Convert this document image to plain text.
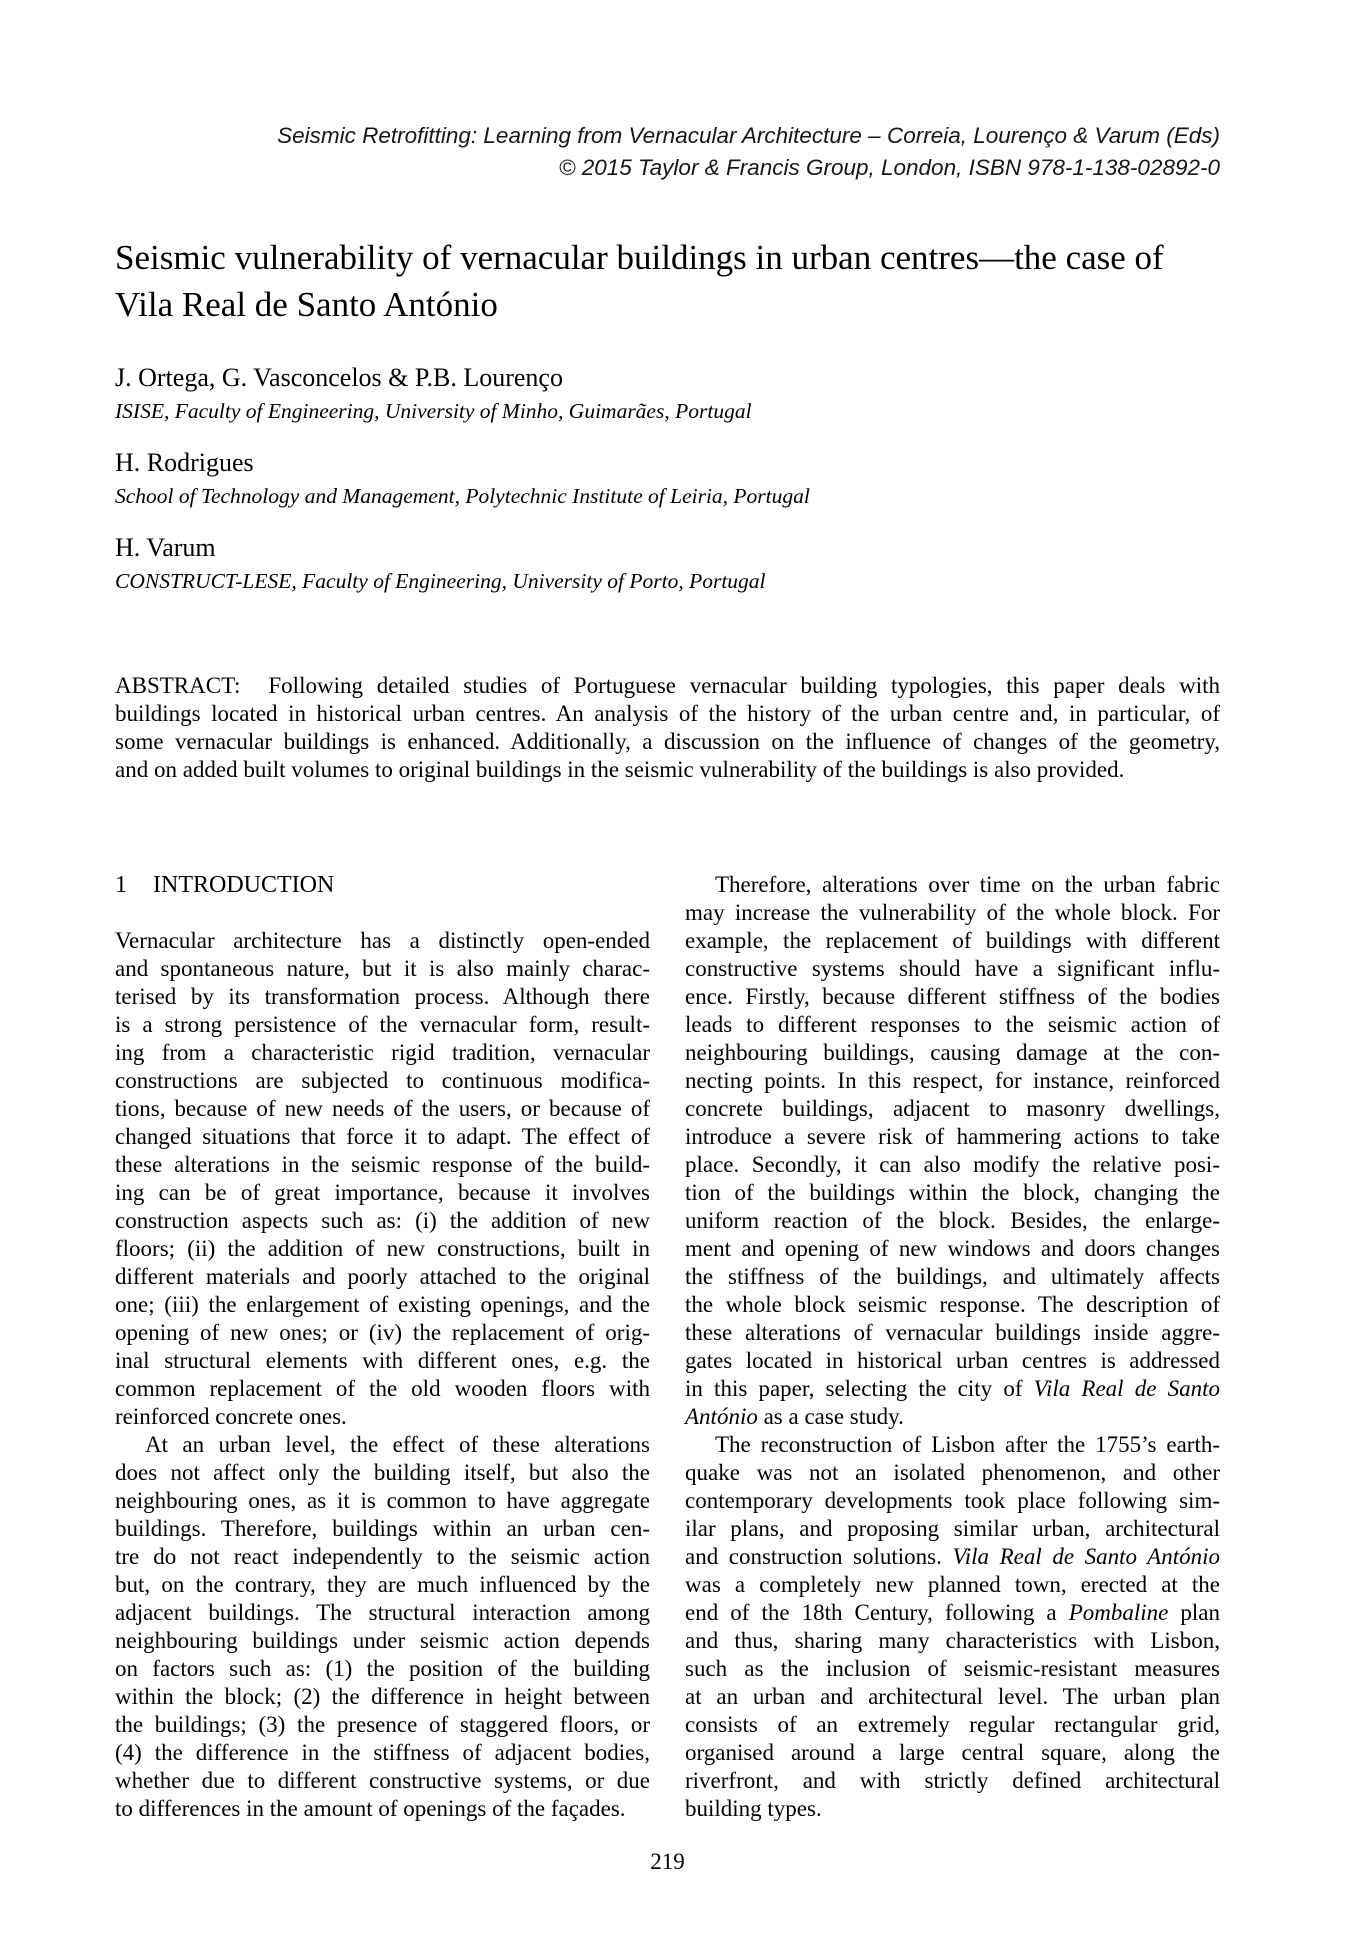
Seismic Retrofitting: Learning from Vernacular Architecture – Correia, Lourenço & Varum (Eds)
© 2015 Taylor & Francis Group, London, ISBN 978-1-138-02892-0
Seismic vulnerability of vernacular buildings in urban centres—the case of
Vila Real de Santo António
J. Ortega, G. Vasconcelos & P.B. Lourenço
ISISE, Faculty of Engineering, University of Minho, Guimarães, Portugal
H. Rodrigues
School of Technology and Management, Polytechnic Institute of Leiria, Portugal
H. Varum
CONSTRUCT-LESE, Faculty of Engineering, University of Porto, Portugal
ABSTRACT: Following detailed studies of Portuguese vernacular building typologies, this paper deals with
buildings located in historical urban centres. An analysis of the history of the urban centre and, in particular, of
some vernacular buildings is enhanced. Additionally, a discussion on the influence of changes of the geometry,
and on added built volumes to original buildings in the seismic vulnerability of the buildings is also provided.
1 INTRODUCTION
Vernacular architecture has a distinctly open-ended
and spontaneous nature, but it is also mainly charac-
terised by its transformation process. Although there
is a strong persistence of the vernacular form, result-
ing from a characteristic rigid tradition, vernacular
constructions are subjected to continuous modifica-
tions, because of new needs of the users, or because of
changed situations that force it to adapt. The effect of
these alterations in the seismic response of the build-
ing can be of great importance, because it involves
construction aspects such as: (i) the addition of new
floors; (ii) the addition of new constructions, built in
different materials and poorly attached to the original
one; (iii) the enlargement of existing openings, and the
opening of new ones; or (iv) the replacement of orig-
inal structural elements with different ones, e.g. the
common replacement of the old wooden floors with
reinforced concrete ones.
At an urban level, the effect of these alterations
does not affect only the building itself, but also the
neighbouring ones, as it is common to have aggregate
buildings. Therefore, buildings within an urban cen-
tre do not react independently to the seismic action
but, on the contrary, they are much influenced by the
adjacent buildings. The structural interaction among
neighbouring buildings under seismic action depends
on factors such as: (1) the position of the building
within the block; (2) the difference in height between
the buildings; (3) the presence of staggered floors, or
(4) the difference in the stiffness of adjacent bodies,
whether due to different constructive systems, or due
to differences in the amount of openings of the façades.
Therefore, alterations over time on the urban fabric
may increase the vulnerability of the whole block. For
example, the replacement of buildings with different
constructive systems should have a significant influ-
ence. Firstly, because different stiffness of the bodies
leads to different responses to the seismic action of
neighbouring buildings, causing damage at the con-
necting points. In this respect, for instance, reinforced
concrete buildings, adjacent to masonry dwellings,
introduce a severe risk of hammering actions to take
place. Secondly, it can also modify the relative posi-
tion of the buildings within the block, changing the
uniform reaction of the block. Besides, the enlarge-
ment and opening of new windows and doors changes
the stiffness of the buildings, and ultimately affects
the whole block seismic response. The description of
these alterations of vernacular buildings inside aggre-
gates located in historical urban centres is addressed
in this paper, selecting the city of Vila Real de Santo
António as a case study.
The reconstruction of Lisbon after the 1755’s earth-
quake was not an isolated phenomenon, and other
contemporary developments took place following sim-
ilar plans, and proposing similar urban, architectural
and construction solutions. Vila Real de Santo António
was a completely new planned town, erected at the
end of the 18th Century, following a Pombaline plan
and thus, sharing many characteristics with Lisbon,
such as the inclusion of seismic-resistant measures
at an urban and architectural level. The urban plan
consists of an extremely regular rectangular grid,
organised around a large central square, along the
riverfront, and with strictly defined architectural
building types.
219
